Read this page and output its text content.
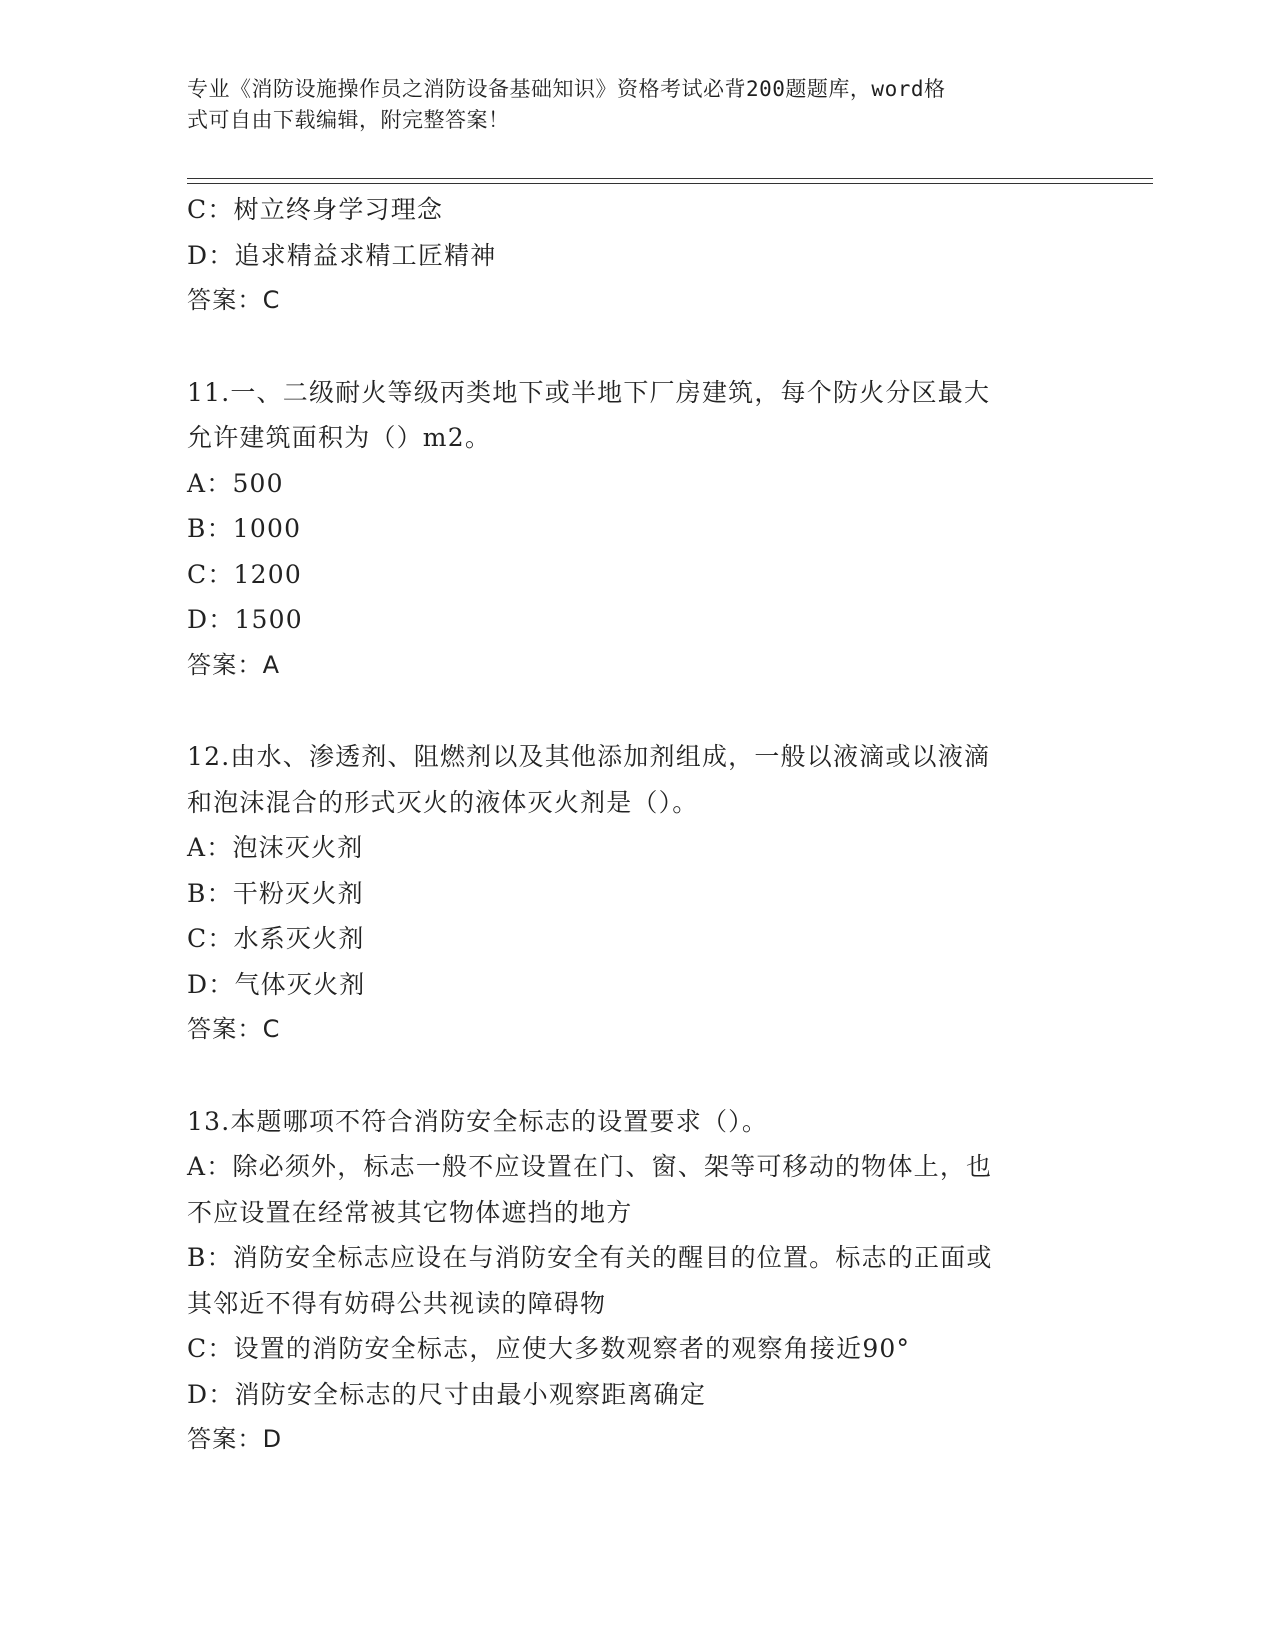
专业《消防设施操作员之消防设备基础知识》资格考试必背200题题库，word格
式可自由下载编辑，附完整答案！
C：树立终身学习理念
D：追求精益求精工匠精神
答案：C
11.一、二级耐火等级丙类地下或半地下厂房建筑，每个防火分区最大
允许建筑面积为（）m2。
A：500
B：1000
C：1200
D：1500
答案：A
12.由水、渗透剂、阻燃剂以及其他添加剂组成，一般以液滴或以液滴
和泡沫混合的形式灭火的液体灭火剂是（）。
A：泡沫灭火剂
B：干粉灭火剂
C：水系灭火剂
D：气体灭火剂
答案：C
13.本题哪项不符合消防安全标志的设置要求（）。
A：除必须外，标志一般不应设置在门、窗、架等可移动的物体上，也
不应设置在经常被其它物体遮挡的地方
B：消防安全标志应设在与消防安全有关的醒目的位置。标志的正面或
其邻近不得有妨碍公共视读的障碍物
C：设置的消防安全标志，应使大多数观察者的观察角接近90°
D：消防安全标志的尺寸由最小观察距离确定
答案：D
